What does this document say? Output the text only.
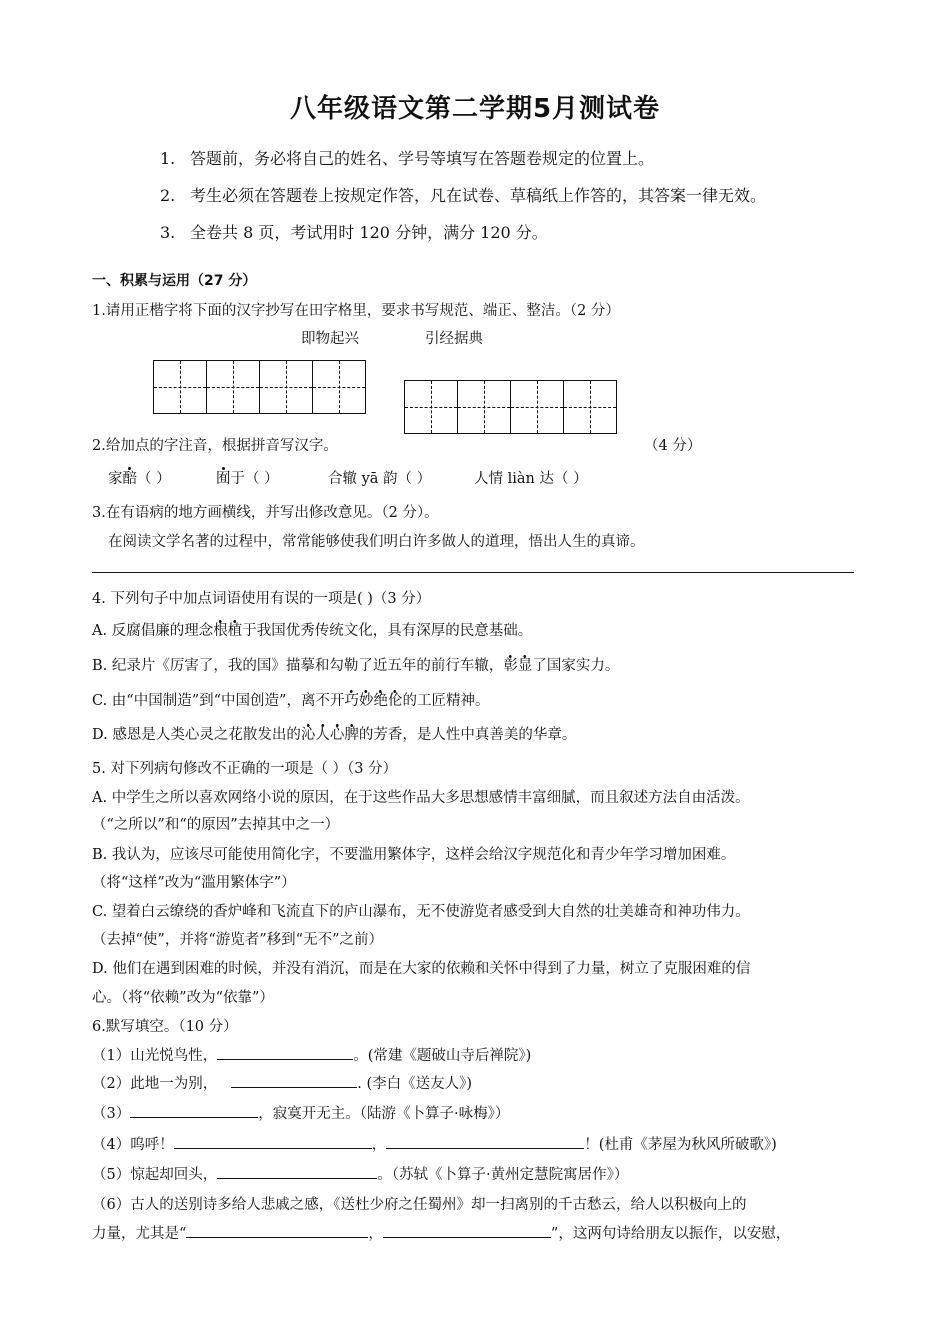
八年级语文第二学期5月测试卷
1. 答题前，务必将自己的姓名、学号等填写在答题卷规定的位置上。
2. 考生必须在答题卷上按规定作答，凡在试卷、草稿纸上作答的，其答案一律无效。
3. 全卷共 8 页，考试用时 120 分钟，满分 120 分。
一、积累与运用（27 分）
1.请用正楷字将下面的汉字抄写在田字格里，要求书写规范、端正、整洁。（2 分）
即物起兴	引经据典
2.给加点的字注音，根据拼音写汉字。	（4 分）
家醅（ ）	囿于（ ）	合辙 yā 韵（ ）	人情 liàn 达（ ）
3.在有语病的地方画横线，并写出修改意见。（2 分）。
在阅读文学名著的过程中，常常能够使我们明白许多做人的道理，悟出人生的真谛。
4. 下列句子中加点词语使用有误的一项是( )（3 分）
A. 反腐倡廉的理念根植于我国优秀传统文化，具有深厚的民意基础。
B. 纪录片《厉害了，我的国》描摹和勾勒了近五年的前行车辙，彰显了国家实力。
C. 由“中国制造”到“中国创造”，离不开巧妙绝伦的工匠精神。
D. 感恩是人类心灵之花散发出的沁人心脾的芳香，是人性中真善美的华章。
5. 对下列病句修改不正确的一项是（ ）（3 分）
A. 中学生之所以喜欢网络小说的原因，在于这些作品大多思想感情丰富细腻，而且叙述方法自由活泼。
（“之所以”和“的原因”去掉其中之一）
B. 我认为，应该尽可能使用简化字，不要滥用繁体字，这样会给汉字规范化和青少年学习增加困难。
（将“这样”改为“滥用繁体字”）
C. 望着白云缭绕的香炉峰和飞流直下的庐山瀑布，无不使游览者感受到大自然的壮美雄奇和神功伟力。
（去掉“使”，并将“游览者”移到“无不”之前）
D. 他们在遇到困难的时候，并没有消沉，而是在大家的依赖和关怀中得到了力量，树立了克服困难的信
心。（将“依赖”改为“依靠”）
6.默写填空。（10 分）
（1）山光悦鸟性，	。(常建《题破山寺后禅院》)
（2）此地一为别，	. (李白《送友人》)
（3）	，寂寞开无主。（陆游《卜算子·咏梅》）
（4）呜呼！	，	！(杜甫《茅屋为秋风所破歌》)
（5）惊起却回头，	。（苏轼《卜算子·黄州定慧院寓居作》）
（6）古人的送别诗多给人悲戚之感，《送杜少府之任蜀州》却一扫离别的千古愁云，给人以积极向上的
力量，尤其是“	，	”，这两句诗给朋友以振作，以安慰，
